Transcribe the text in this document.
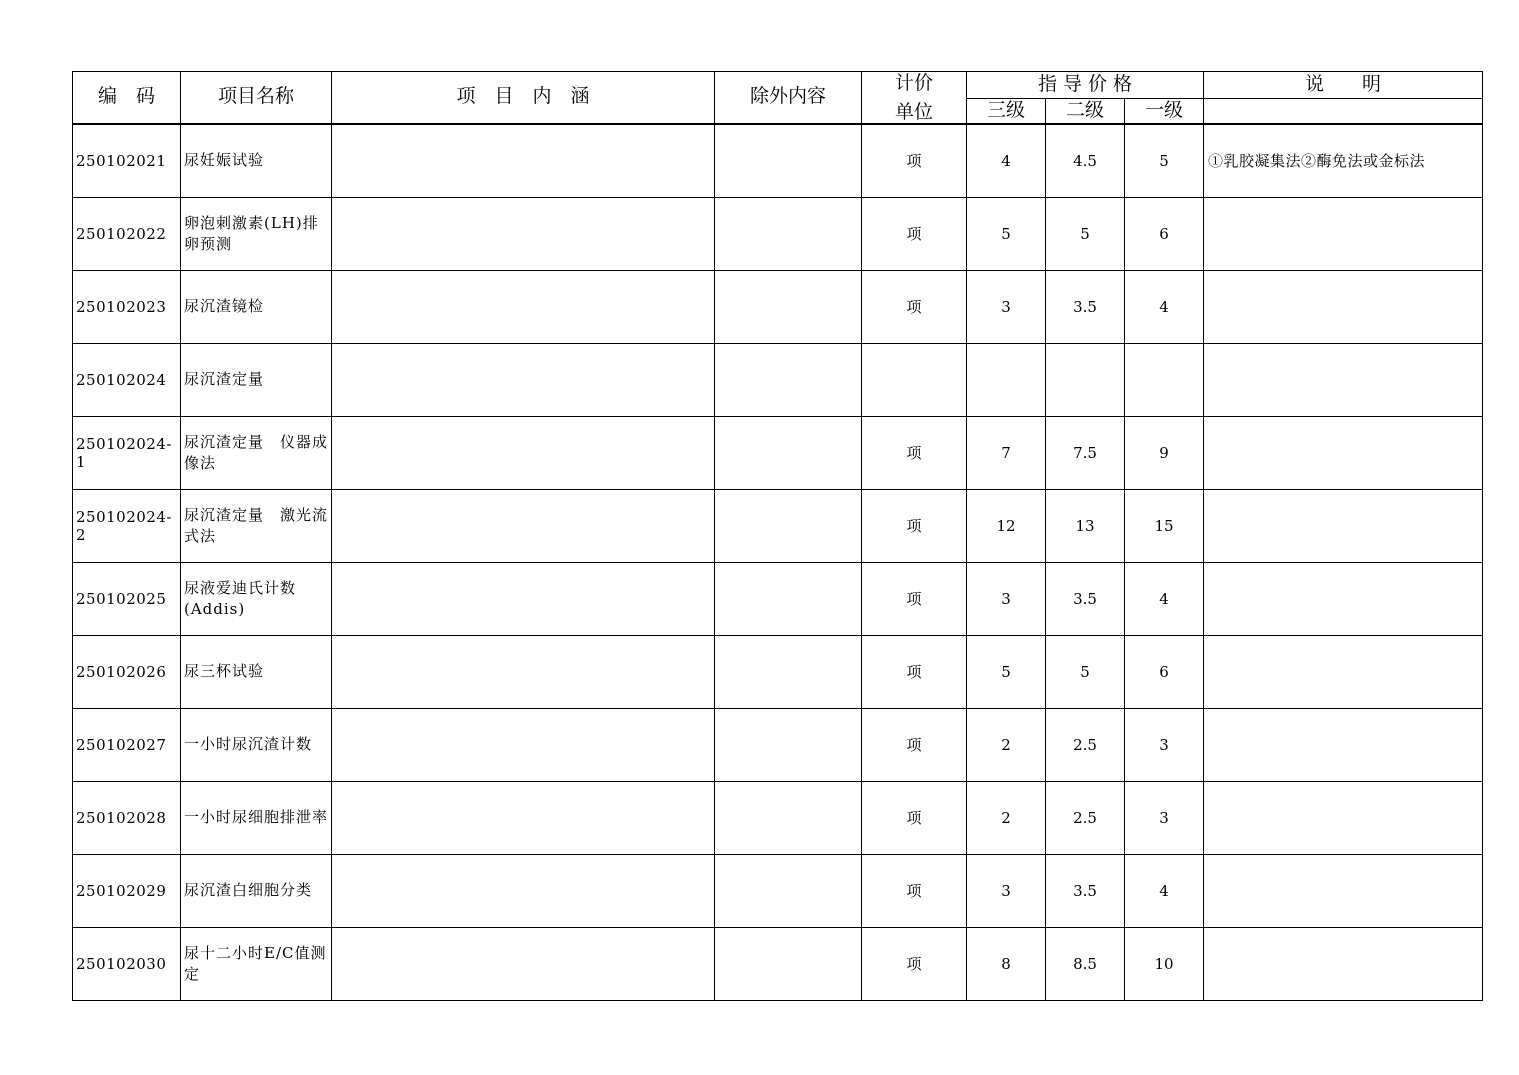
编　码	项目名称	项　目　内　涵	除外内容	计价	指 导 价 格			说　　明
				单位	三级	二级	一级	
250102021	尿妊娠试验			项	4	4.5	5	①乳胶凝集法②酶免法或金标法
250102022	卵泡刺激素(LH)排卵预测			项	5	5	6	
250102023	尿沉渣镜检			项	3	3.5	4	
250102024	尿沉渣定量							
250102024-1	尿沉渣定量　仪器成像法			项	7	7.5	9	
250102024-2	尿沉渣定量　激光流式法			项	12	13	15	
250102025	尿液爱迪氏计数(Addis)			项	3	3.5	4	
250102026	尿三杯试验			项	5	5	6	
250102027	一小时尿沉渣计数			项	2	2.5	3	
250102028	一小时尿细胞排泄率			项	2	2.5	3	
250102029	尿沉渣白细胞分类			项	3	3.5	4	
250102030	尿十二小时E/C值测定			项	8	8.5	10	
